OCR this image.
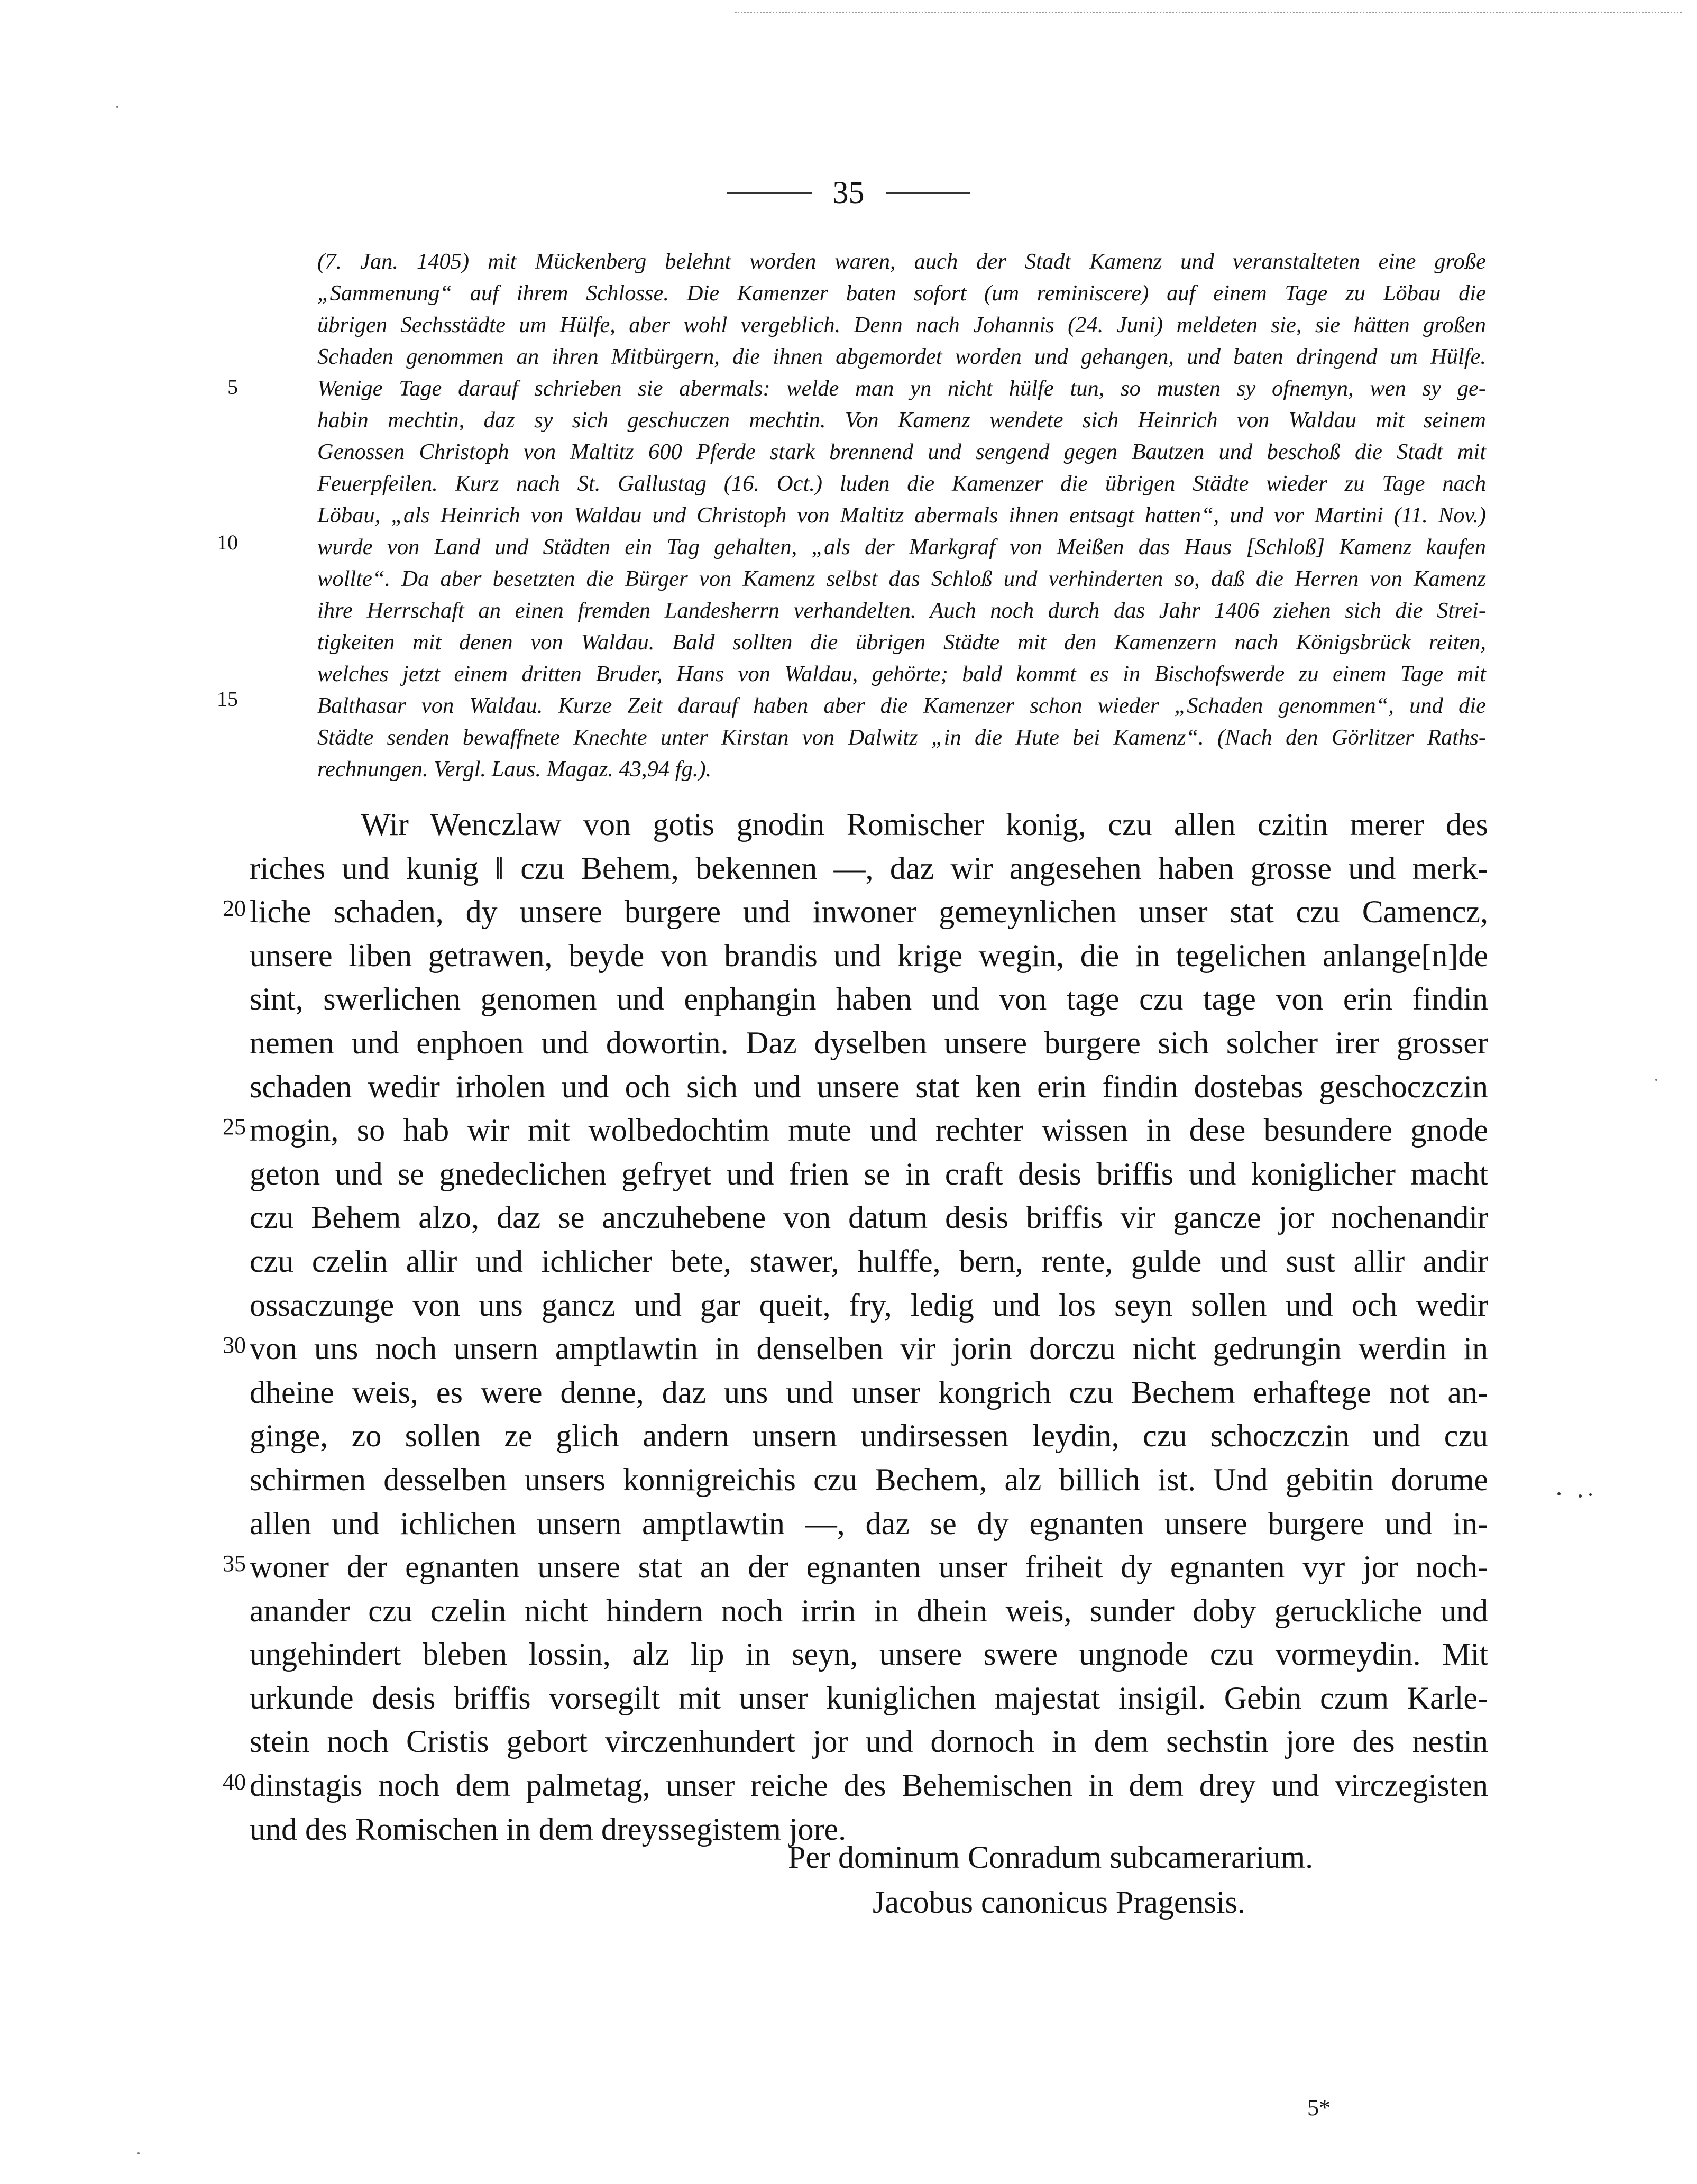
35
(7. Jan. 1405) mit Mückenberg belehnt worden waren, auch der Stadt Kamenz und veranstalteten eine große
„Sammenung“ auf ihrem Schlosse. Die Kamenzer baten sofort (um reminiscere) auf einem Tage zu Löbau die
übrigen Sechsstädte um Hülfe, aber wohl vergeblich. Denn nach Johannis (24. Juni) meldeten sie, sie hätten großen
Schaden genommen an ihren Mitbürgern, die ihnen abgemordet worden und gehangen, und baten dringend um Hülfe.
Wenige Tage darauf schrieben sie abermals: welde man yn nicht hülfe tun, so musten sy ofnemyn, wen sy ge-
habin mechtin, daz sy sich geschuczen mechtin. Von Kamenz wendete sich Heinrich von Waldau mit seinem
Genossen Christoph von Maltitz 600 Pferde stark brennend und sengend gegen Bautzen und beschoß die Stadt mit
Feuerpfeilen. Kurz nach St. Gallustag (16. Oct.) luden die Kamenzer die übrigen Städte wieder zu Tage nach
Löbau, „als Heinrich von Waldau und Christoph von Maltitz abermals ihnen entsagt hatten“, und vor Martini (11. Nov.)
wurde von Land und Städten ein Tag gehalten, „als der Markgraf von Meißen das Haus [Schloß] Kamenz kaufen
wollte“. Da aber besetzten die Bürger von Kamenz selbst das Schloß und verhinderten so, daß die Herren von Kamenz
ihre Herrschaft an einen fremden Landesherrn verhandelten. Auch noch durch das Jahr 1406 ziehen sich die Strei-
tigkeiten mit denen von Waldau. Bald sollten die übrigen Städte mit den Kamenzern nach Königsbrück reiten,
welches jetzt einem dritten Bruder, Hans von Waldau, gehörte; bald kommt es in Bischofswerde zu einem Tage mit
Balthasar von Waldau. Kurze Zeit darauf haben aber die Kamenzer schon wieder „Schaden genommen“, und die
Städte senden bewaffnete Knechte unter Kirstan von Dalwitz „in die Hute bei Kamenz“. (Nach den Görlitzer Raths-
rechnungen. Vergl. Laus. Magaz. 43,94 fg.).
Wir Wenczlaw von gotis gnodin Romischer konig, czu allen czitin merer des
riches und kunig ‖ czu Behem, bekennen —, daz wir angesehen haben grosse und merk-
liche schaden, dy unsere burgere und inwoner gemeynlichen unser stat czu Camencz,
unsere liben getrawen, beyde von brandis und krige wegin, die in tegelichen anlange[n]de
sint, swerlichen genomen und enphangin haben und von tage czu tage von erin findin
nemen und enphoen und dowortin. Daz dyselben unsere burgere sich solcher irer grosser
schaden wedir irholen und och sich und unsere stat ken erin findin dostebas geschoczczin
mogin, so hab wir mit wolbedochtim mute und rechter wissen in dese besundere gnode
geton und se gnedeclichen gefryet und frien se in craft desis briffis und koniglicher macht
czu Behem alzo, daz se anczuhebene von datum desis briffis vir gancze jor nochenandir
czu czelin allir und ichlicher bete, stawer, hulffe, bern, rente, gulde und sust allir andir
ossaczunge von uns gancz und gar queit, fry, ledig und los seyn sollen und och wedir
von uns noch unsern amptlawtin in denselben vir jorin dorczu nicht gedrungin werdin in
dheine weis, es were denne, daz uns und unser kongrich czu Bechem erhaftege not an-
ginge, zo sollen ze glich andern unsern undirsessen leydin, czu schoczczin und czu
schirmen desselben unsers konnigreichis czu Bechem, alz billich ist. Und gebitin dorume
allen und ichlichen unsern amptlawtin —, daz se dy egnanten unsere burgere und in-
woner der egnanten unsere stat an der egnanten unser friheit dy egnanten vyr jor noch-
anander czu czelin nicht hindern noch irrin in dhein weis, sunder doby geruckliche und
ungehindert bleben lossin, alz lip in seyn, unsere swere ungnode czu vormeydin. Mit
urkunde desis briffis vorsegilt mit unser kuniglichen majestat insigil. Gebin czum Karle-
stein noch Cristis gebort virczenhundert jor und dornoch in dem sechstin jore des nestin
dinstagis noch dem palmetag, unser reiche des Behemischen in dem drey und virczegisten
und des Romischen in dem dreyssegistem jore.
Per dominum Conradum subcamerarium.
Jacobus canonicus Pragensis.
5
10
15
20
25
30
35
40
5*
